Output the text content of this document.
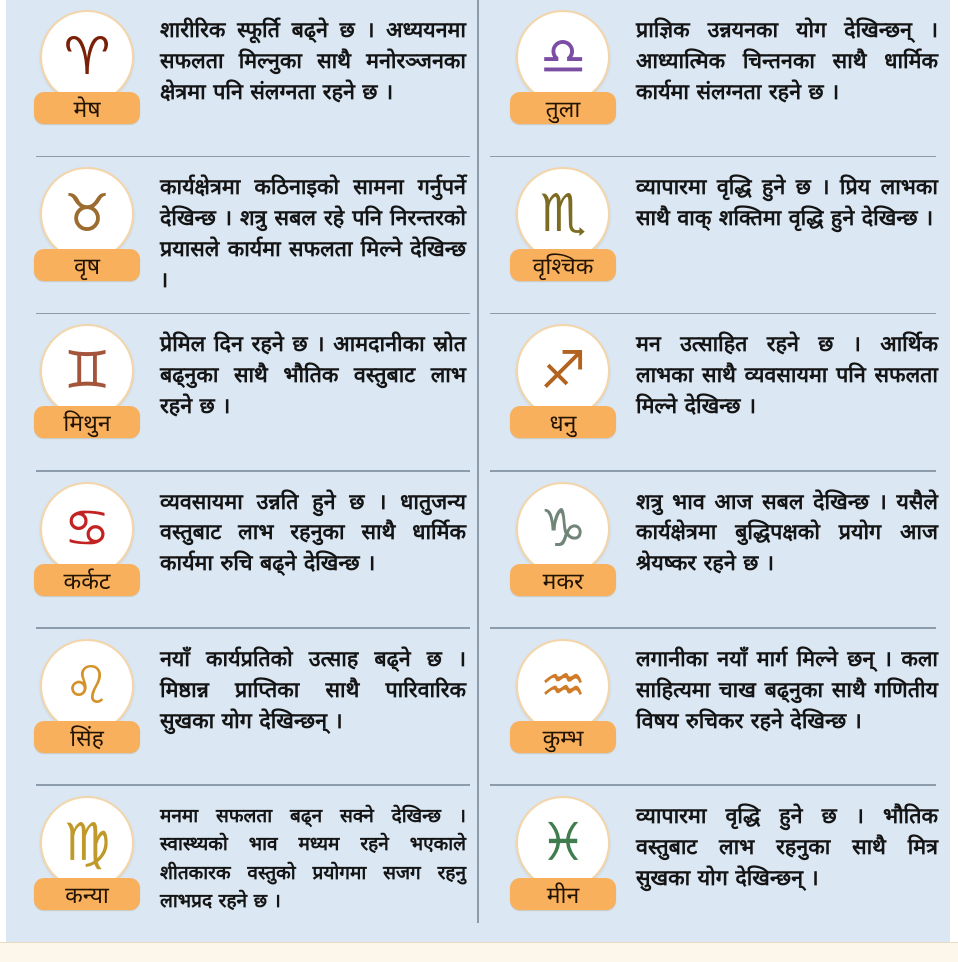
♈
मेष
शारीरिक स्फूर्ति बढ्ने छ । अध्ययनमा सफलता मिल्नुका साथै मनोरञ्जनका क्षेत्रमा पनि संलग्नता रहने छ ।
♉
वृष
कार्यक्षेत्रमा कठिनाइको सामना गर्नुपर्ने देखिन्छ । शत्रु सबल रहे पनि निरन्तरको प्रयासले कार्यमा सफलता मिल्ने देखिन्छ ।
♊
मिथुन
प्रेमिल दिन रहने छ । आमदानीका स्रोत बढ्नुका साथै भौतिक वस्तुबाट लाभ रहने छ ।
♋
कर्कट
व्यवसायमा उन्नति हुने छ । धातुजन्य वस्तुबाट लाभ रहनुका साथै धार्मिक कार्यमा रुचि बढ्ने देखिन्छ ।
♌
सिंह
नयाँ कार्यप्रतिको उत्साह बढ्ने छ । मिष्ठान्न प्राप्तिका साथै पारिवारिक सुखका योग देखिन्छन् ।
♍
कन्या
मनमा सफलता बढ्न सक्ने देखिन्छ । स्वास्थ्यको भाव मध्यम रहने भएकाले शीतकारक वस्तुको प्रयोगमा सजग रहनु लाभप्रद रहने छ ।
♎
तुला
प्राज्ञिक उन्नयनका योग देखिन्छन् । आध्यात्मिक चिन्तनका साथै धार्मिक कार्यमा संलग्नता रहने छ ।
♏
वृश्चिक
व्यापारमा वृद्धि हुने छ । प्रिय लाभका साथै वाक् शक्तिमा वृद्धि हुने देखिन्छ ।
♐
धनु
मन उत्साहित रहने छ । आर्थिक लाभका साथै व्यवसायमा पनि सफलता मिल्ने देखिन्छ ।
♑
मकर
शत्रु भाव आज सबल देखिन्छ । यसैले कार्यक्षेत्रमा बुद्धिपक्षको प्रयोग आज श्रेयष्कर रहने छ ।
♒
कुम्भ
लगानीका नयाँ मार्ग मिल्ने छन् । कला साहित्यमा चाख बढ्नुका साथै गणितीय विषय रुचिकर रहने देखिन्छ ।
♓
मीन
व्यापारमा वृद्धि हुने छ । भौतिक वस्तुबाट लाभ रहनुका साथै मित्र सुखका योग देखिन्छन् ।
